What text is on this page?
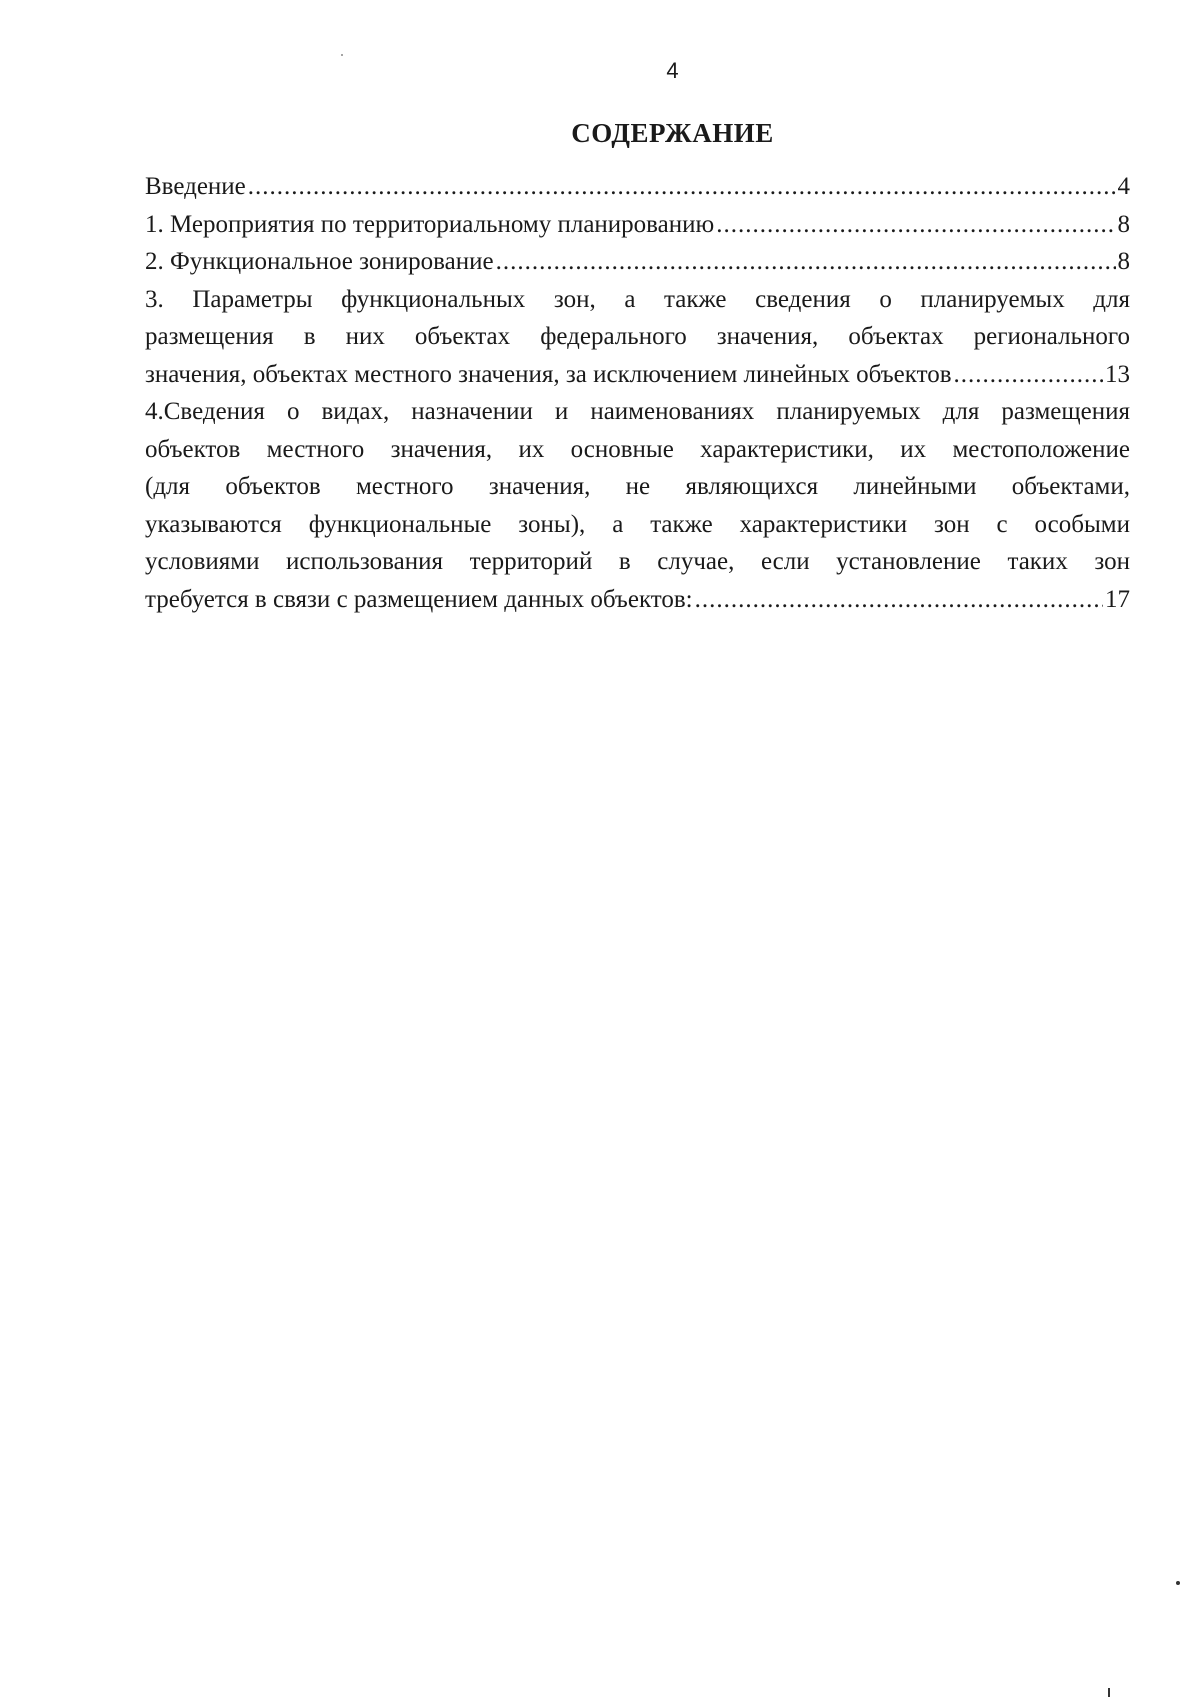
4
СОДЕРЖАНИЕ
Введение .....	4
1. Мероприятия по территориальному планированию .....	8
2. Функциональное зонирование .....	8
3. Параметры функциональных зон, а также сведения о планируемых для
размещения в них объектах федерального значения, объектах регионального
значения, объектах местного значения, за исключением линейных объектов .....	13
4.Сведения о видах, назначении и наименованиях планируемых для размещения
объектов местного значения, их основные характеристики, их местоположение
(для объектов местного значения, не являющихся линейными объектами,
указываются функциональные зоны), а также характеристики зон с особыми
условиями использования территорий в случае, если установление таких зон
требуется в связи с размещением данных объектов: .....	17
